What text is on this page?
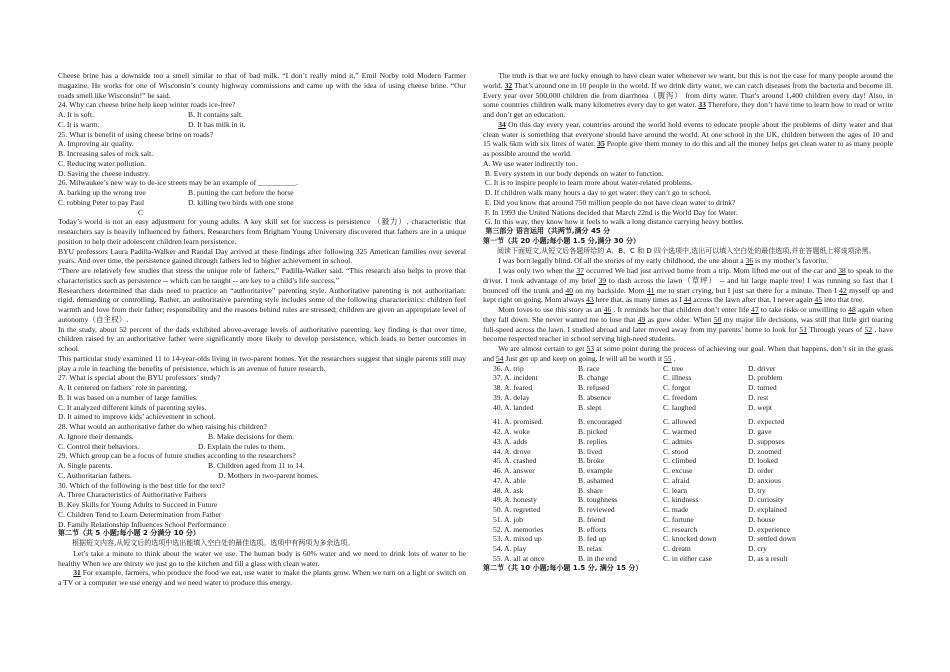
Cheese brine has a downside too a smell similar to that of bad milk. “I don’t really mind it,” Emil Norby told Modern Farmer magazine. He works for one of Wisconsin’s county highway commissions and came up with the idea of using cheese brine. “Our roads smell like Wisconsin!” he said.

24. Why can cheese brine help keep winter roads ice-free?

A. It is soft.	B. It contains salt.
C. It is warm.	D. It has milk in it.

25. What is benefit of using cheese brine on roads?

A. Improving air quality.

B. Increasing sales of rock salt.

C. Reducing water pollution.

D. Saving the cheese industry.

26. Milwaukee’s new way to de-ice streets may be an example of __________.

A. barking up the wrong tree	B. putting the cart before the horse
C. robbing Peter to pay Paul	D. killing two birds with one stone

C

Today’s world is not an easy adjustment for young adults. A key skill set for success is persistence （毅力）, characteristic that researchers say is heavily influenced by fathers. Researchers from Brigham Young University discovered that fathers are in a unique position to help their adolescent children learn persistence.

BYU professors Laura Padilla-Walker and Randal Day arrived at these findings after following 325 American families over several years. And over time, the persistence gained through fathers led to higher achievement in school.

“There are relatively few studies that stress the unique role of fathers,” Padilla-Walker said. “This research also helps to prove that characteristics such as persistence -- which can be taught -- are key to a child’s life success.”

Researchers determined that dads need to practice an “authoritative” parenting style. Authoritative parenting is not authoritarian: rigid, demanding or controlling. Rather, an authoritative parenting style includes some of the following characteristics: children feel warmth and love from their father; responsibility and the reasons behind rules are stressed; children are given an appropriate level of autonomy（自主权）.

In the study, about 52 percent of the dads exhibited above-average levels of authoritative parenting. key finding is that over time, children raised by an authoritative father were significantly more likely to develop persistence, which leads to better outcomes in school.

This particular study examined 11 to 14-year-olds living in two-parent homes. Yet the researchers suggest that single parents still may play a role in teaching the benefits of persistence, which is an avenue of future research.

27. What is special about the BYU professors’ study?

A. It centered on fathers’ role in parenting.

B. It was based on a number of large families.

C. It analyzed different kinds of parenting styles.

D. It aimed to improve kids’ achievement in school.

28. What would an authoritative father do when raising his children?

A. Ignore their demands.	B. Make decisions for them.
C. Control their behaviors.	D. Explain the rules to them.

29. Which group can be a focus of future studies according to the researchers?

A. Single parents.	B. Children aged from 11 to 14.
C. Authoritarian fathers.	D. Mothers in two-parent homes.

30. Which of the following is the best title for the text?

A. Three Characteristics of Authoritative Fathers

B. Key Skills for Young Adults to Succeed in Future

C. Children Tend to Learn Determination from Father

D. Family Relationship Influences School Performance

第二节（共 5 小题;每小题 2 分满分 10 分）

根据短文内容,从短文后的选项中选出能填入空白处的最佳选项。选项中有两项为多余选项。

Let’s take a minute to think about the water we use. The human body is 60% water and we need to drink lots of water to be healthy When we are thirsty we just go to the kitchen and fill a glass with clean water.

31 For example, farmers, who produce the food we eat, use water to make the plants grow. When we turn on a light or switch on a TV or a computer we use energy and we need water to produce this energy.

The truth is that we are lucky enough to have clean water whenever we want, but this is not the case for many people around the world. 32 That’s around one in 10 people in the world. If we drink dirty water, we can catch diseases from the bacteria and become ill. Every year over 500,000 children die from diarrhoea（腹泻） from dirty water. That’s around 1,400 children every day! Also, in some countries children walk many kilometres every day to get water. 33 Therefore, they don’t have time to learn how to read or write and don’t get an education.

34 On this day every year, countries around the world hold events to educate people about the problems of dirty water and that clean water is something that everyone should have around the world. At one school in the UK, children between the ages of 10 and 15 walk 6km with six litres of water. 35 People give them money to do this and all the money helps get clean water to as many people as possible around the world.

A. We use water indirectly too.

B. Every system in our body depends on water to function.

C. It is to inspire people to learn more about water-related problems.

D. If children walk many hours a day to get water: they can’t go to school.

E. Did you know that around 750 million people do not have clean water to drink?

F. In 1993 the United Nations decided that March 22nd is the World Day for Water.

G. In this way, they know how it feels to walk a long distance carrying heavy bottles.

第三部分 语言运用（共两节,满分 45 分

第一节（共 20 小题;每小题 1.5 分,满分 30 分）

阅读下面短文,从短文后各题所给的 A、B、C 和 D 四个选项中,选出可以填入空白处的最佳选项,并在答题纸上将该项涂黑。

I was born legally blind. Of all the stories of my early childhood, the one about a 36 is my mother’s favorite.

I was only two when the 37 occurred We had just arrived home from a trip. Mom lifted me out of the car and 38 to speak to the driver. I took advantage of my brief 39 to dash across the lawn（草坪） -- and hit large maple tree! I was running so fast that I bounced off the trunk and 40 on my backside. Mom 41 me to start crying, but I just sat there for a minute. Then I 42 myself up and kept right on going. Mom always 43 here that, as many times as I 44 across the lawn after that, I never again 45 into that tree.

Mom loves to use this story as an 46 . It reminds her that children don’t enter life 47 to take risks or unwilling to 48 again when they fall down. She never wanted me to lose that 49 as grew older. When 50 my major life decisions, was still that little girl tearing full-speed across the lawn. I studied abroad and later moved away from my parents’ home to look for 51 Through years of 52 , have become respected teacher in school serving high-need students.

We are almost certain to get 53 at some point during the process of achieving our goal. When that happens, don’t sit in the grass and 54 Just get up and keep on going. It will all be worth it 55 .

36. A. trip	B. race	C. tree	D. driver
37. A. incident	B. change	C. illness	D. problem
38. A. feared	B. refused	C. forgot	D. turned
39. A. delay	B. absence	C. freedom	D. rest
40. A. landed	B. slept	C. laughed	D. wept
41. A. promised.	B. encouraged	C. allowed	D. expected
42. A. woke	B. picked	C. warmed	D. gave
43. A. adds	B. replies	C. admits	D. supposes
44. A. drove	B. lived	C. stood	D. zoomed
45. A. crashed	B. broke	C. climbed	D. looked
46. A. answer	B. example	C. excuse	D. order
47. A. able	B. ashamed	C. afraid	D. anxious
48. A. ask	B. share	C. learn	D. try
49. A. honesty	B. toughness	C. kindness	D. curiosity
50. A. regretted	B. reviewed	C. made	D. explained
51. A. job	B. friend	C. fortune	D. house
52. A. memories	B. efforts	C. research	D. experience
53. A. mixed up	B. fed up	C. knocked down	D. settled down
54. A. play	B. relax	C. dream	D. cry
55. A. all at once	B. in the end	C. in either case	D. as a result

第二节（共 10 小题;每小题 1.5 分, 满分 15 分）
